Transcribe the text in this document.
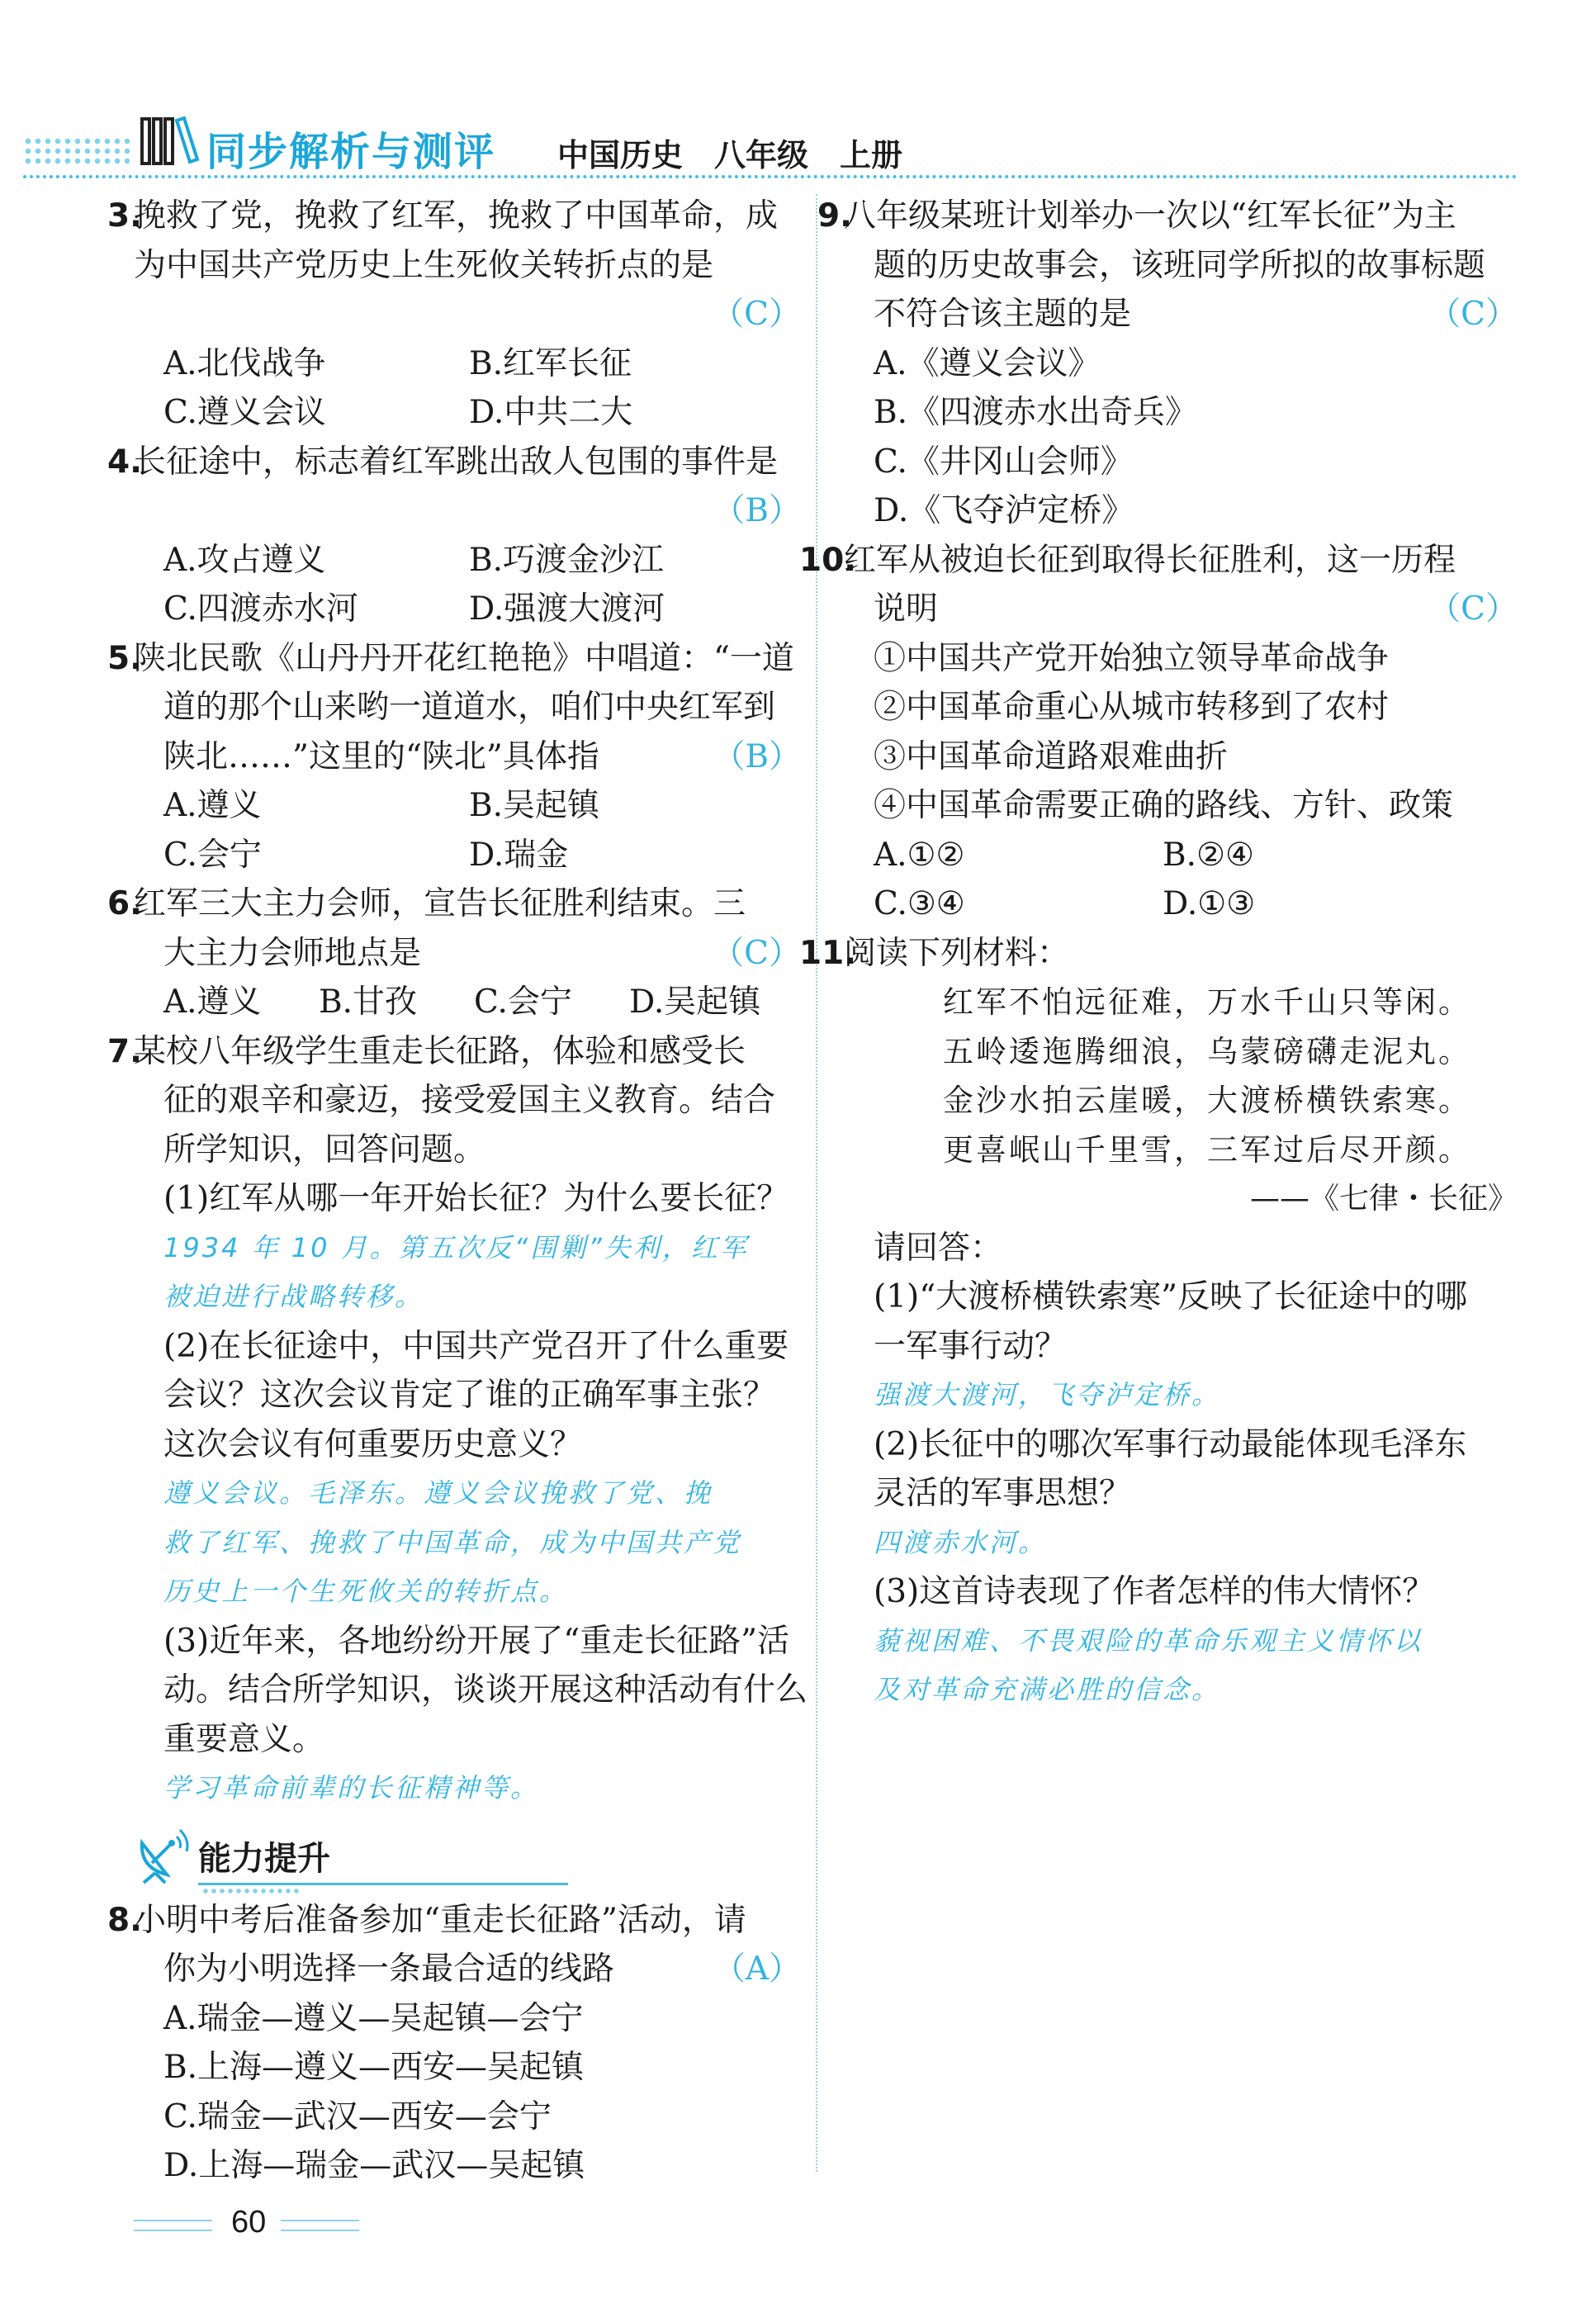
同步解析与测评 中国历史　八年级　上册
3.
挽救了党，挽救了红军，挽救了中国革命，成
为中国共产党历史上生死攸关转折点的是
（C）
A.北伐战争	B.红军长征
C.遵义会议	D.中共二大
4.
长征途中，标志着红军跳出敌人包围的事件是
（B）
A.攻占遵义	B.巧渡金沙江
C.四渡赤水河	D.强渡大渡河
5.
陕北民歌《山丹丹开花红艳艳》中唱道：“一道
道的那个山来哟一道道水，咱们中央红军到
陕北……”这里的“陕北”具体指	（B）
A.遵义	B.吴起镇
C.会宁	D.瑞金
6.
红军三大主力会师，宣告长征胜利结束。三
大主力会师地点是	（C）
A.遵义	B.甘孜	C.会宁	D.吴起镇
7.
某校八年级学生重走长征路，体验和感受长
征的艰辛和豪迈，接受爱国主义教育。结合
所学知识，回答问题。
(1)红军从哪一年开始长征？为什么要长征？
1934 年 10 月。第五次反“围剿”失利，红军
被迫进行战略转移。
(2)在长征途中，中国共产党召开了什么重要
会议？这次会议肯定了谁的正确军事主张？
这次会议有何重要历史意义？
遵义会议。毛泽东。遵义会议挽救了党、挽
救了红军、挽救了中国革命，成为中国共产党
历史上一个生死攸关的转折点。
(3)近年来，各地纷纷开展了“重走长征路”活
动。结合所学知识，谈谈开展这种活动有什么
重要意义。
学习革命前辈的长征精神等。
能力提升
8.
小明中考后准备参加“重走长征路”活动，请
你为小明选择一条最合适的线路	（A）
A.瑞金—遵义—吴起镇—会宁
B.上海—遵义—西安—吴起镇
C.瑞金—武汉—西安—会宁
D.上海—瑞金—武汉—吴起镇
9.
八年级某班计划举办一次以“红军长征”为主
题的历史故事会，该班同学所拟的故事标题
不符合该主题的是	（C）
A.《遵义会议》
B.《四渡赤水出奇兵》
C.《井冈山会师》
D.《飞夺泸定桥》
10.
红军从被迫长征到取得长征胜利，这一历程
说明	（C）
①中国共产党开始独立领导革命战争
②中国革命重心从城市转移到了农村
③中国革命道路艰难曲折
④中国革命需要正确的路线、方针、政策
A.①②	B.②④
C.③④	D.①③
11.
阅读下列材料：
红军不怕远征难，万水千山只等闲。
五岭逶迤腾细浪，乌蒙磅礴走泥丸。
金沙水拍云崖暖，大渡桥横铁索寒。
更喜岷山千里雪，三军过后尽开颜。
——《七律・长征》
请回答：
(1)“大渡桥横铁索寒”反映了长征途中的哪
一军事行动？
强渡大渡河，飞夺泸定桥。
(2)长征中的哪次军事行动最能体现毛泽东
灵活的军事思想？
四渡赤水河。
(3)这首诗表现了作者怎样的伟大情怀？
藐视困难、不畏艰险的革命乐观主义情怀以
及对革命充满必胜的信念。
60
